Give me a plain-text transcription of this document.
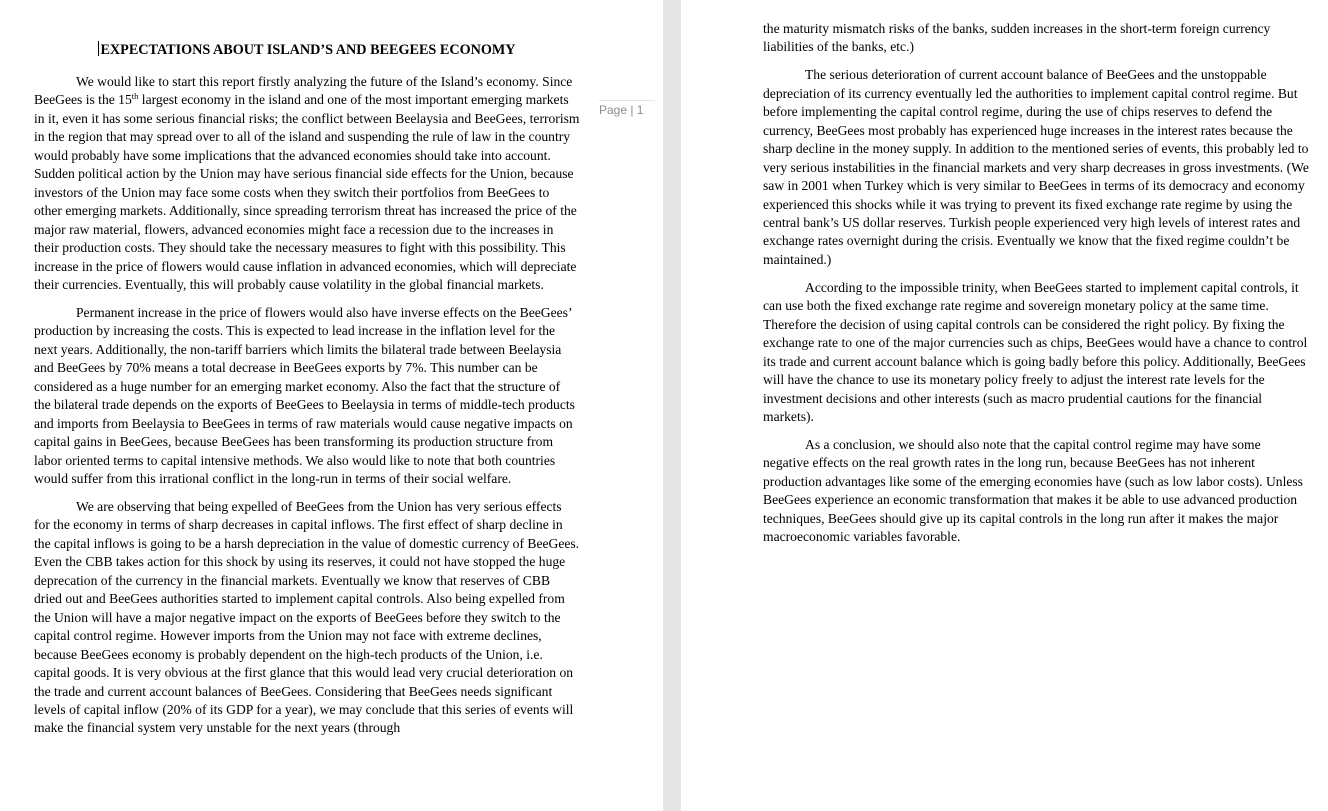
EXPECTATIONS ABOUT ISLAND’S AND BEEGEES ECONOMY

We would like to start this report firstly analyzing the future of the Island’s economy. Since BeeGees is the 15th largest economy in the island and one of the most important emerging markets in it, even it has some serious financial risks; the conflict between Beelaysia and BeeGees, terrorism in the region that may spread over to all of the island and suspending the rule of law in the country would probably have some implications that the advanced economies should take into account. Sudden political action by the Union may have serious financial side effects for the Union, because investors of the Union may face some costs when they switch their portfolios from BeeGees to other emerging markets. Additionally, since spreading terrorism threat has increased the price of the major raw material, flowers, advanced economies might face a recession due to the increases in their production costs. They should take the necessary measures to fight with this possibility. This increase in the price of flowers would cause inflation in advanced economies, which will depreciate their currencies. Eventually, this will probably cause volatility in the global financial markets.

Permanent increase in the price of flowers would also have inverse effects on the BeeGees’ production by increasing the costs. This is expected to lead increase in the inflation level for the next years. Additionally, the non-tariff barriers which limits the bilateral trade between Beelaysia and BeeGees by 70% means a total decrease in BeeGees exports by 7%. This number can be considered as a huge number for an emerging market economy. Also the fact that the structure of the bilateral trade depends on the exports of BeeGees to Beelaysia in terms of middle-tech products and imports from Beelaysia to BeeGees in terms of raw materials would cause negative impacts on capital gains in BeeGees, because BeeGees has been transforming its production structure from labor oriented terms to capital intensive methods. We also would like to note that both countries would suffer from this irrational conflict in the long-run in terms of their social welfare.

We are observing that being expelled of BeeGees from the Union has very serious effects for the economy in terms of sharp decreases in capital inflows. The first effect of sharp decline in the capital inflows is going to be a harsh depreciation in the value of domestic currency of BeeGees. Even the CBB takes action for this shock by using its reserves, it could not have stopped the huge deprecation of the currency in the financial markets. Eventually we know that reserves of CBB dried out and BeeGees authorities started to implement capital controls. Also being expelled from the Union will have a major negative impact on the exports of BeeGees before they switch to the capital control regime. However imports from the Union may not face with extreme declines, because BeeGees economy is probably dependent on the high-tech products of the Union, i.e. capital goods. It is very obvious at the first glance that this would lead very crucial deterioration on the trade and current account balances of BeeGees. Considering that BeeGees needs significant levels of capital inflow (20% of its GDP for a year), we may conclude that this series of events will make the financial system very unstable for the next years (through

Page | 1

the maturity mismatch risks of the banks, sudden increases in the short-term foreign currency liabilities of the banks, etc.)

The serious deterioration of current account balance of BeeGees and the unstoppable depreciation of its currency eventually led the authorities to implement capital control regime. But before implementing the capital control regime, during the use of chips reserves to defend the currency, BeeGees most probably has experienced huge increases in the interest rates because the sharp decline in the money supply. In addition to the mentioned series of events, this probably led to very serious instabilities in the financial markets and very sharp decreases in gross investments. (We saw in 2001 when Turkey which is very similar to BeeGees in terms of its democracy and economy experienced this shocks while it was trying to prevent its fixed exchange rate regime by using the central bank’s US dollar reserves. Turkish people experienced very high levels of interest rates and exchange rates overnight during the crisis. Eventually we know that the fixed regime couldn’t be maintained.)

According to the impossible trinity, when BeeGees started to implement capital controls, it can use both the fixed exchange rate regime and sovereign monetary policy at the same time. Therefore the decision of using capital controls can be considered the right policy. By fixing the exchange rate to one of the major currencies such as chips, BeeGees would have a chance to control its trade and current account balance which is going badly before this policy. Additionally, BeeGees will have the chance to use its monetary policy freely to adjust the interest rate levels for the investment decisions and other interests (such as macro prudential cautions for the financial markets).

As a conclusion, we should also note that the capital control regime may have some negative effects on the real growth rates in the long run, because BeeGees has not inherent production advantages like some of the emerging economies have (such as low labor costs). Unless BeeGees experience an economic transformation that makes it be able to use advanced production techniques, BeeGees should give up its capital controls in the long run after it makes the major macroeconomic variables favorable.
